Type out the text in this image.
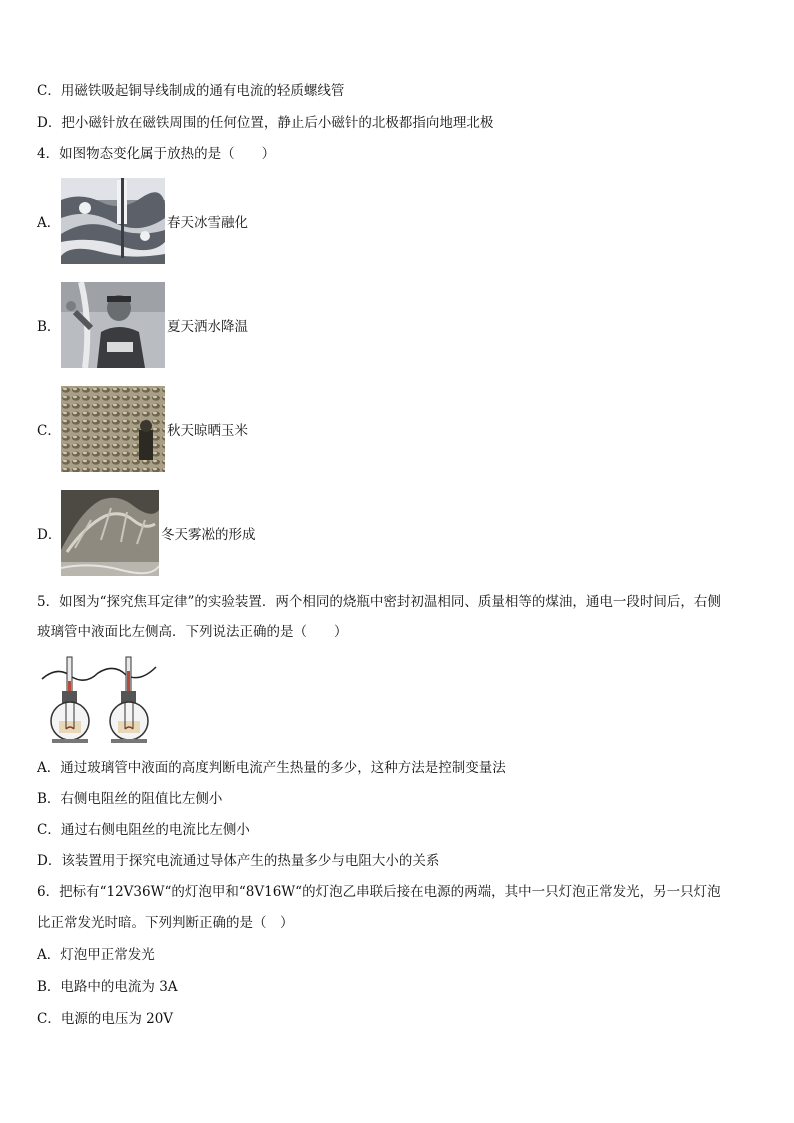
C．用磁铁吸起铜导线制成的通有电流的轻质螺线管
D．把小磁针放在磁铁周围的任何位置，静止后小磁针的北极都指向地理北极
4．如图物态变化属于放热的是（　　）
A．	春天冰雪融化
B．	夏天洒水降温
C．	秋天晾晒玉米
D．	冬天雾凇的形成
5．如图为“探究焦耳定律”的实验装置．两个相同的烧瓶中密封初温相同、质量相等的煤油，通电一段时间后，右侧
玻璃管中液面比左侧高．下列说法正确的是（　　）
A．通过玻璃管中液面的高度判断电流产生热量的多少，这种方法是控制变量法
B．右侧电阻丝的阻值比左侧小
C．通过右侧电阻丝的电流比左侧小
D．该装置用于探究电流通过导体产生的热量多少与电阻大小的关系
6．把标有“12V36W“的灯泡甲和“8V16W“的灯泡乙串联后接在电源的两端，其中一只灯泡正常发光，另一只灯泡
比正常发光时暗。下列判断正确的是（　）
A．灯泡甲正常发光
B．电路中的电流为 3A
C．电源的电压为 20V
